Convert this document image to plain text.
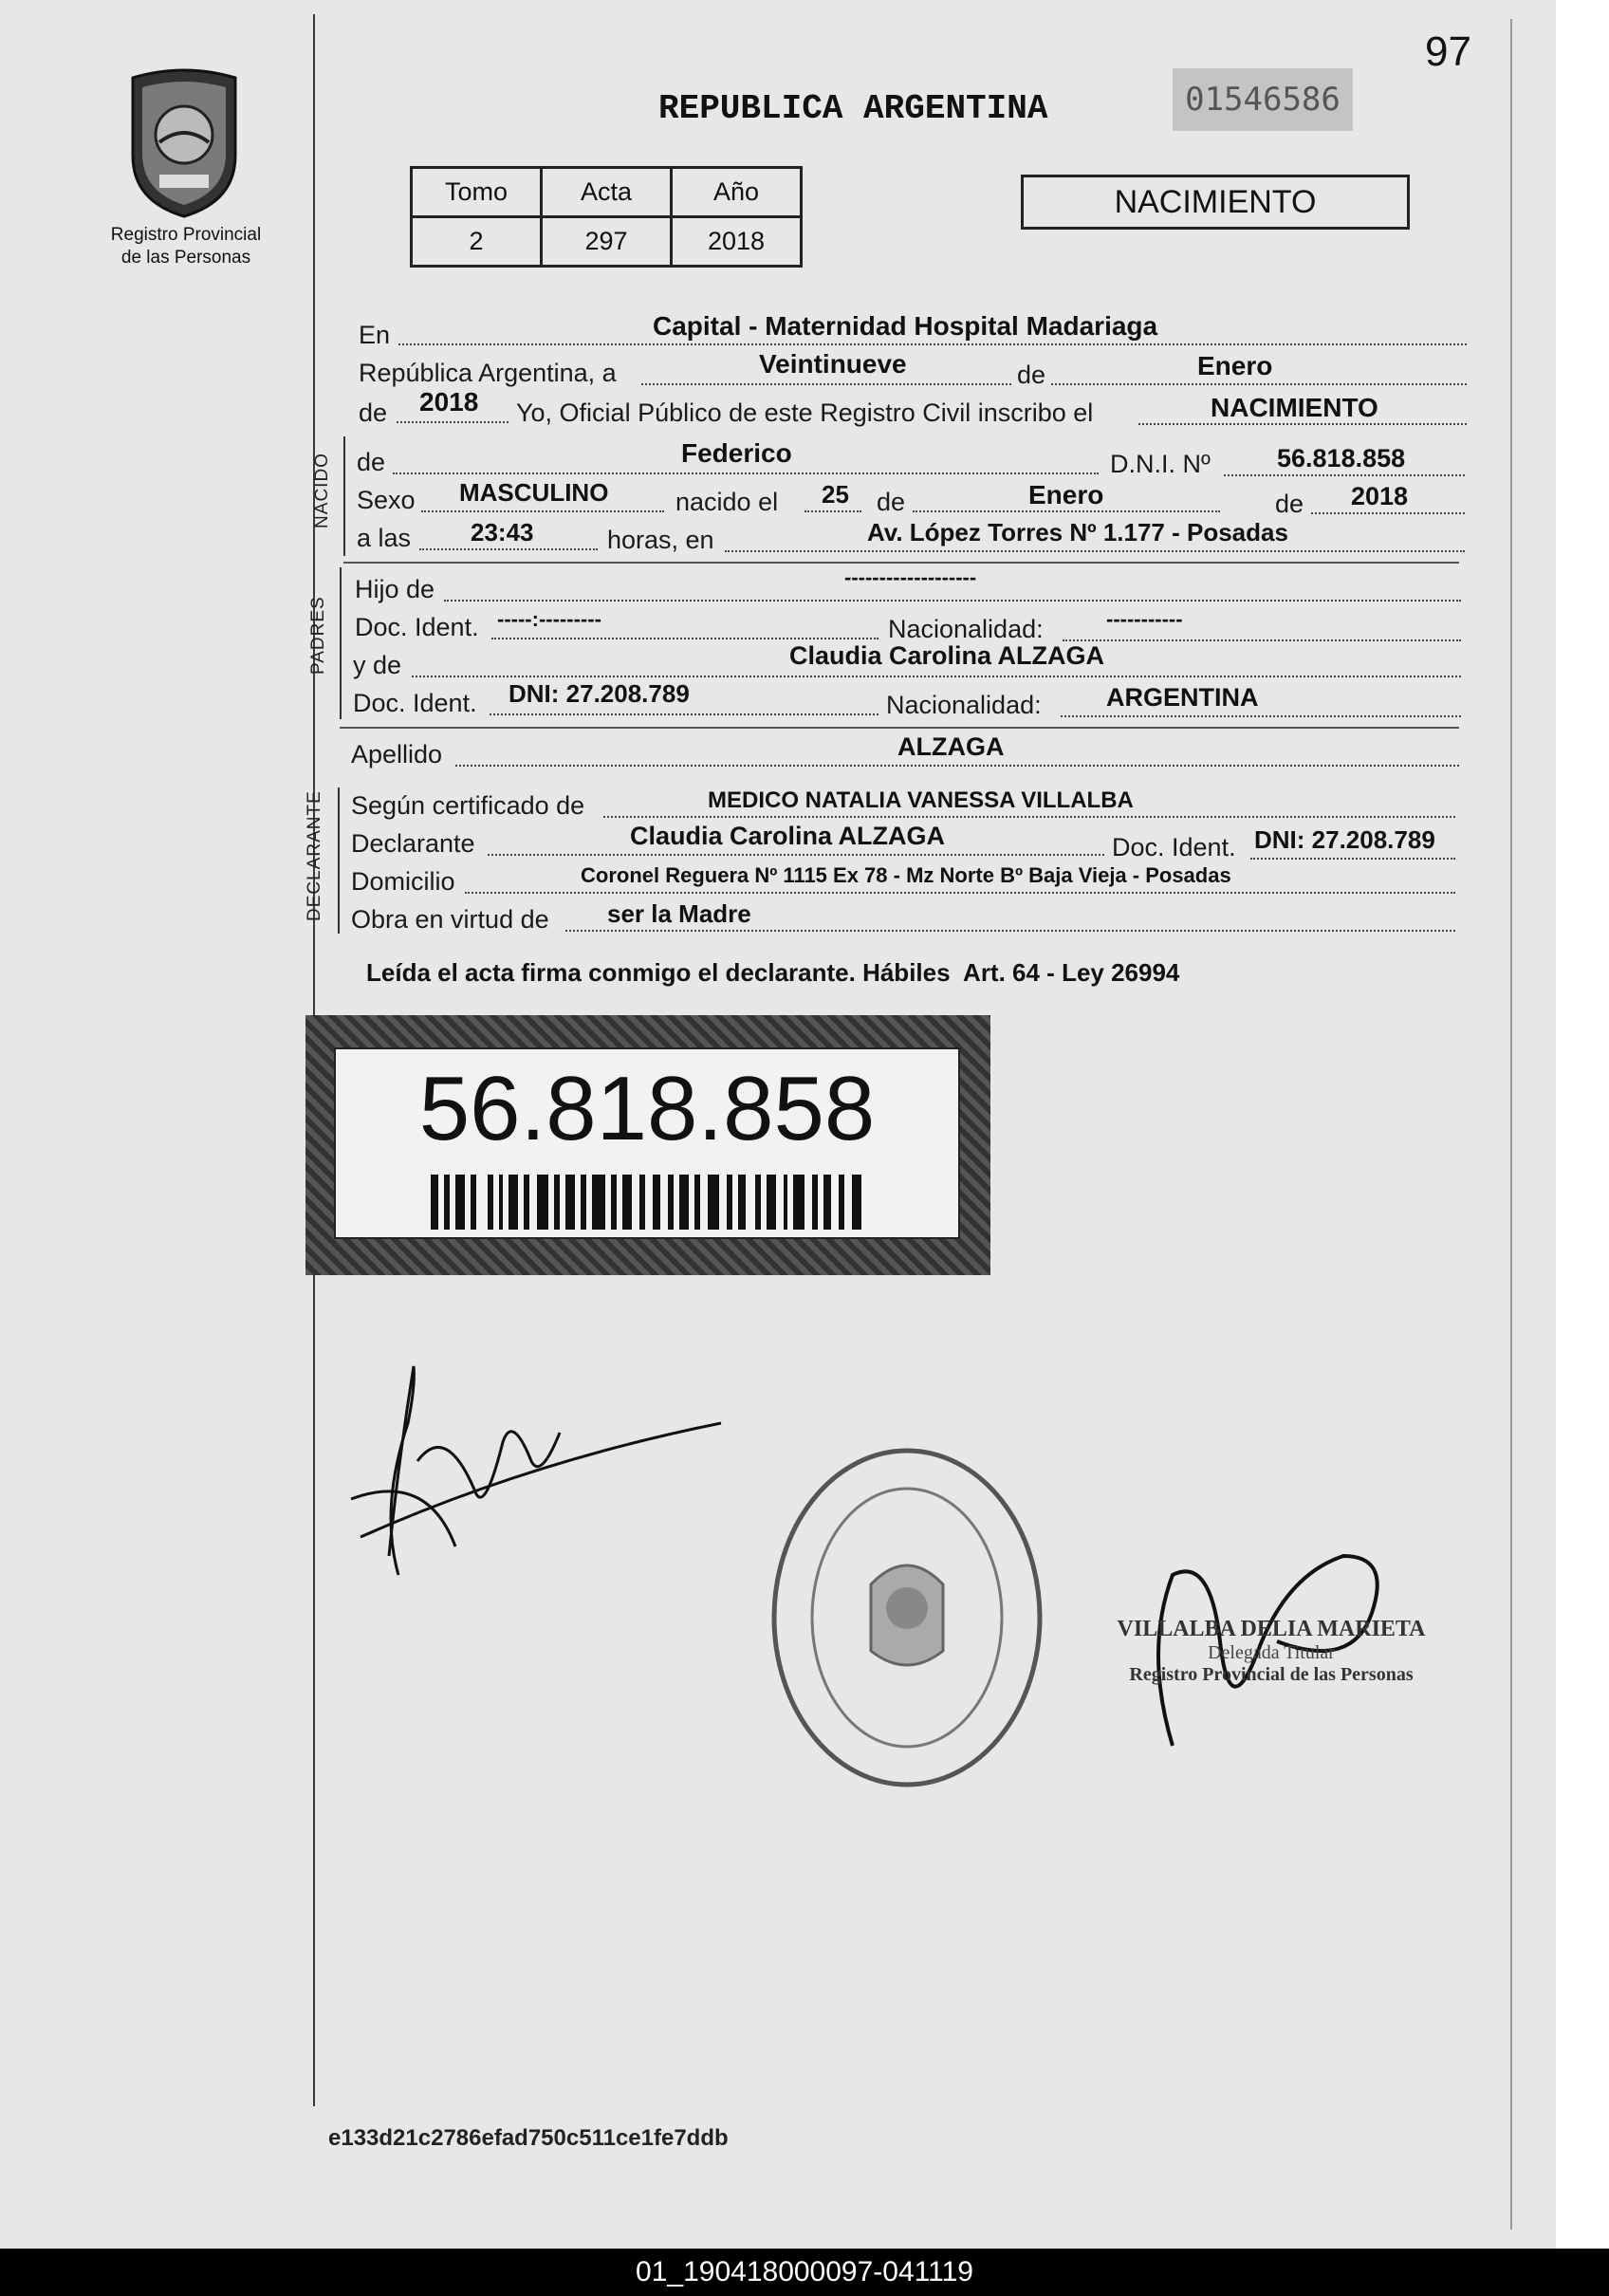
97
Registro Provincial
de las Personas
REPUBLICA ARGENTINA	01546586
Tomo	Acta	Año
2	297	2018
NACIMIENTO
En	Capital - Maternidad Hospital Madariaga
República Argentina, a	Veintinueve	de	Enero
de 2018 Yo, Oficial Público de este Registro Civil inscribo el	NACIMIENTO
NACIDO de	Federico	D.N.I. Nº	56.818.858
Sexo MASCULINO	nacido el 25 de	Enero	de 2018
a las 23:43	horas, en	Av. López Torres Nº 1.177 - Posadas
PADRES
Hijo de	-------------------
Doc. Ident. -----:---------	Nacionalidad:	-----------
y de	Claudia Carolina ALZAGA
Doc. Ident. DNI: 27.208.789	Nacionalidad:	ARGENTINA
Apellido	ALZAGA
DECLARANTE Según certificado de	MEDICO NATALIA VANESSA VILLALBA
Declarante	Claudia Carolina ALZAGA	Doc. Ident. DNI: 27.208.789
Domicilio	Coronel Reguera Nº 1115 Ex 78 - Mz Norte Bº Baja Vieja - Posadas
Obra en virtud de ser la Madre
Leída el acta firma conmigo el declarante. Hábiles  Art. 64 - Ley 26994
56.818.858
VILLALBA DELIA MARIETA
Delegada Titular
Registro Provincial de las Personas
e133d21c2786efad750c511ce1fe7ddb
01_190418000097-041119
